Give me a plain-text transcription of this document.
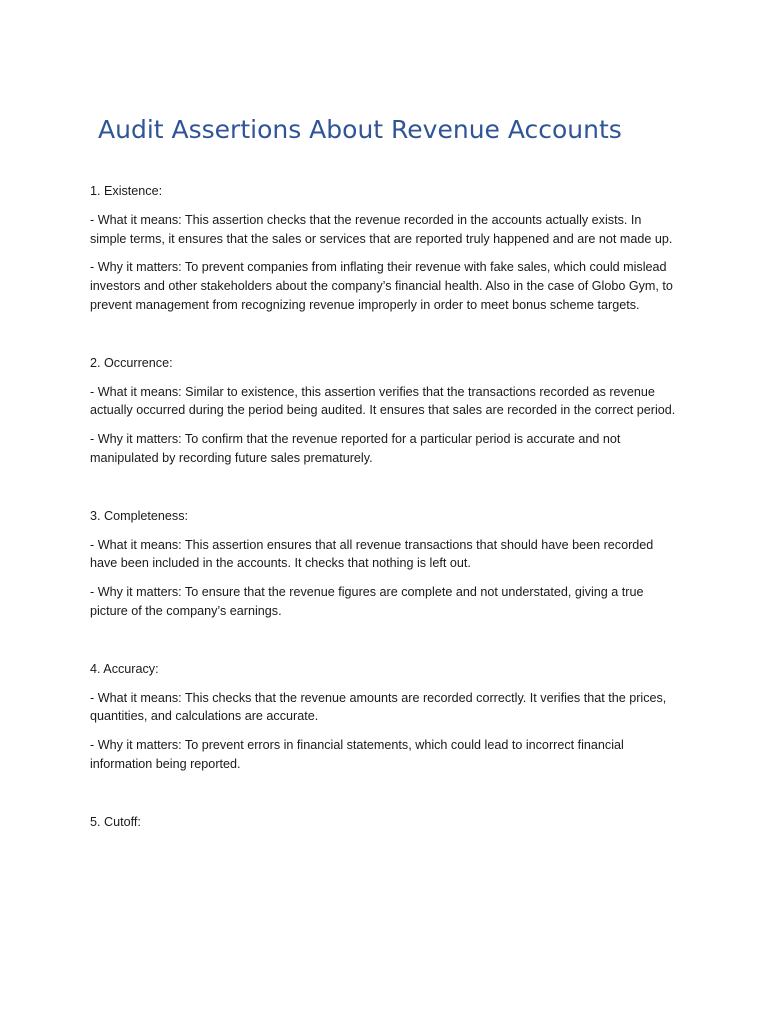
Audit Assertions About Revenue Accounts

1. Existence:

- What it means: This assertion checks that the revenue recorded in the accounts actually exists. In simple terms, it ensures that the sales or services that are reported truly happened and are not made up.

- Why it matters: To prevent companies from inflating their revenue with fake sales, which could mislead investors and other stakeholders about the company’s financial health. Also in the case of Globo Gym, to prevent management from recognizing revenue improperly in order to meet bonus scheme targets.

2. Occurrence:

- What it means: Similar to existence, this assertion verifies that the transactions recorded as revenue actually occurred during the period being audited. It ensures that sales are recorded in the correct period.

- Why it matters: To confirm that the revenue reported for a particular period is accurate and not manipulated by recording future sales prematurely.

3. Completeness:

- What it means: This assertion ensures that all revenue transactions that should have been recorded have been included in the accounts. It checks that nothing is left out.

- Why it matters: To ensure that the revenue figures are complete and not understated, giving a true picture of the company’s earnings.

4. Accuracy:

- What it means: This checks that the revenue amounts are recorded correctly. It verifies that the prices, quantities, and calculations are accurate.

- Why it matters: To prevent errors in financial statements, which could lead to incorrect financial information being reported.

5. Cutoff:
